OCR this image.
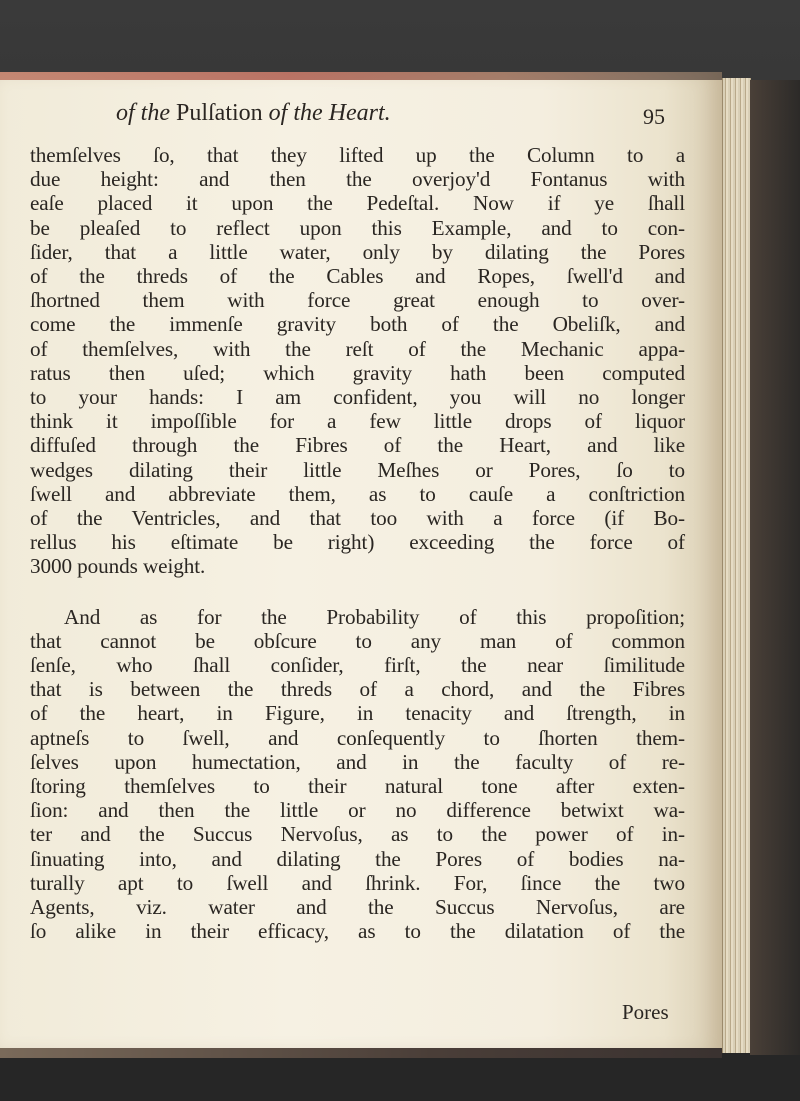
of the Pulſation of the Heart.	95
themſelves ſo, that they lifted up the Column to a
due height: and then the overjoy'd Fontanus with
eaſe placed it upon the Pedeſtal. Now if ye ſhall
be pleaſed to reflect upon this Example, and to con-
ſider, that a little water, only by dilating the Pores
of the threds of the Cables and Ropes, ſwell'd and
ſhortned them with force great enough to over-
come the immenſe gravity both of the Obeliſk, and
of themſelves, with the reſt of the Mechanic appa-
ratus then uſed; which gravity hath been computed
to your hands: I am confident, you will no longer
think it impoſſible for a few little drops of liquor
diffuſed through the Fibres of the Heart, and like
wedges dilating their little Meſhes or Pores, ſo to
ſwell and abbreviate them, as to cauſe a conſtriction
of the Ventricles, and that too with a force (if Bo-
rellus his eſtimate be right) exceeding the force of
3000 pounds weight.
And as for the Probability of this propoſition;
that cannot be obſcure to any man of common
ſenſe, who ſhall conſider, firſt, the near ſimilitude
that is between the threds of a chord, and the Fibres
of the heart, in Figure, in tenacity and ſtrength, in
aptneſs to ſwell, and conſequently to ſhorten them-
ſelves upon humectation, and in the faculty of re-
ſtoring themſelves to their natural tone after exten-
ſion: and then the little or no difference betwixt wa-
ter and the Succus Nervoſus, as to the power of in-
ſinuating into, and dilating the Pores of bodies na-
turally apt to ſwell and ſhrink. For, ſince the two
Agents, viz. water and the Succus Nervoſus, are
ſo alike in their efficacy, as to the dilatation of the
Pores
